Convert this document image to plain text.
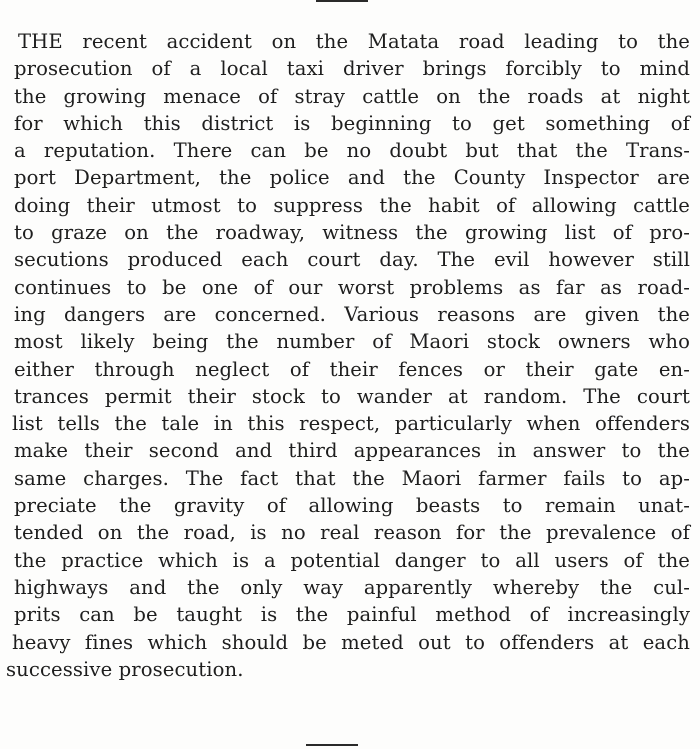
THE recent accident on the Matata road leading to the
prosecution of a local taxi driver brings forcibly to mind
the growing menace of stray cattle on the roads at night
for which this district is beginning to get something of
a reputation. There can be no doubt but that the Trans-
port Department, the police and the County Inspector are
doing their utmost to suppress the habit of allowing cattle
to graze on the roadway, witness the growing list of pro-
secutions produced each court day. The evil however still
continues to be one of our worst problems as far as road-
ing dangers are concerned. Various reasons are given the
most likely being the number of Maori stock owners who
either through neglect of their fences or their gate en-
trances permit their stock to wander at random. The court
list tells the tale in this respect, particularly when offenders
make their second and third appearances in answer to the
same charges. The fact that the Maori farmer fails to ap-
preciate the gravity of allowing beasts to remain unat-
tended on the road, is no real reason for the prevalence of
the practice which is a potential danger to all users of the
highways and the only way apparently whereby the cul-
prits can be taught is the painful method of increasingly
heavy fines which should be meted out to offenders at each
successive prosecution.
